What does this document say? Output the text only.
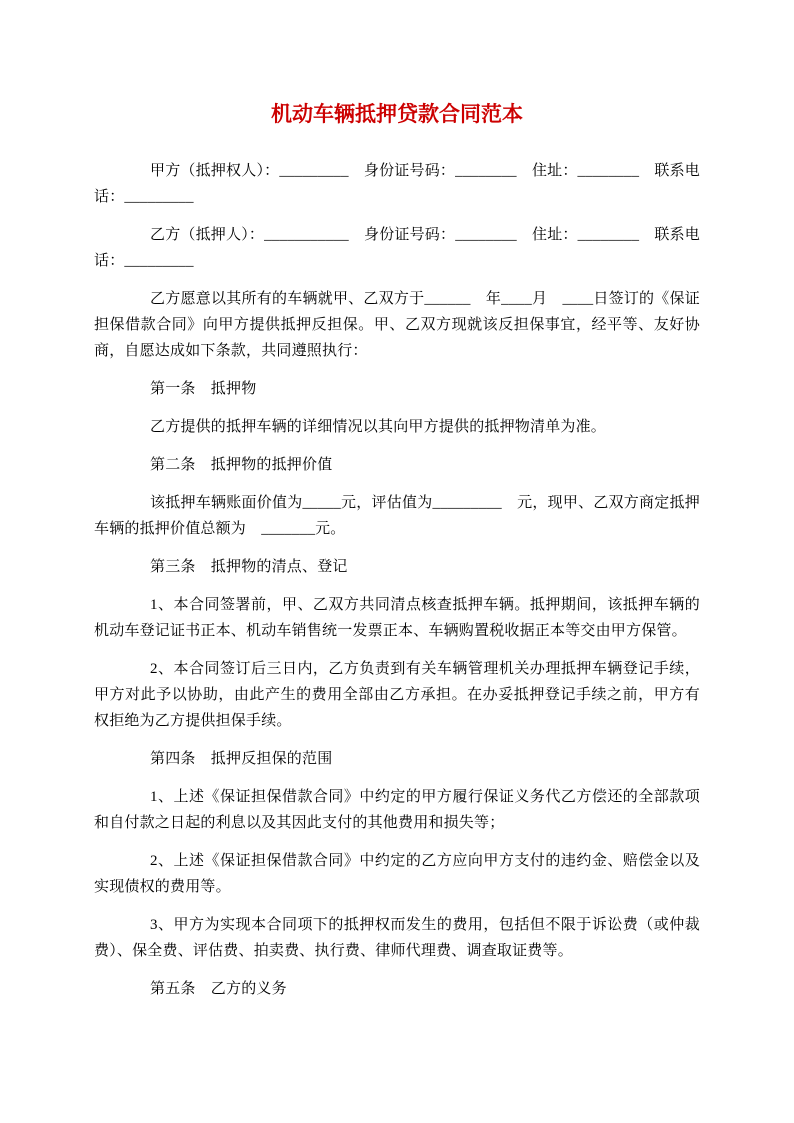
机动车辆抵押贷款合同范本

甲方（抵押权人）：_________　身份证号码：________　住址：________　联系电话：_________

乙方（抵押人）：___________　身份证号码：________　住址：________　联系电话：_________

乙方愿意以其所有的车辆就甲、乙双方于______　年____月　____日签订的《保证担保借款合同》向甲方提供抵押反担保。甲、乙双方现就该反担保事宜，经平等、友好协商，自愿达成如下条款，共同遵照执行：

第一条　抵押物

乙方提供的抵押车辆的详细情况以其向甲方提供的抵押物清单为准。

第二条　抵押物的抵押价值

该抵押车辆账面价值为_____元，评估值为_________　元，现甲、乙双方商定抵押车辆的抵押价值总额为　_______元。

第三条　抵押物的清点、登记

1、本合同签署前，甲、乙双方共同清点核查抵押车辆。抵押期间，该抵押车辆的机动车登记证书正本、机动车销售统一发票正本、车辆购置税收据正本等交由甲方保管。

2、本合同签订后三日内，乙方负责到有关车辆管理机关办理抵押车辆登记手续，甲方对此予以协助，由此产生的费用全部由乙方承担。在办妥抵押登记手续之前，甲方有权拒绝为乙方提供担保手续。

第四条　抵押反担保的范围

1、上述《保证担保借款合同》中约定的甲方履行保证义务代乙方偿还的全部款项和自付款之日起的利息以及其因此支付的其他费用和损失等；

2、上述《保证担保借款合同》中约定的乙方应向甲方支付的违约金、赔偿金以及实现债权的费用等。

3、甲方为实现本合同项下的抵押权而发生的费用，包括但不限于诉讼费（或仲裁费）、保全费、评估费、拍卖费、执行费、律师代理费、调查取证费等。

第五条　乙方的义务
